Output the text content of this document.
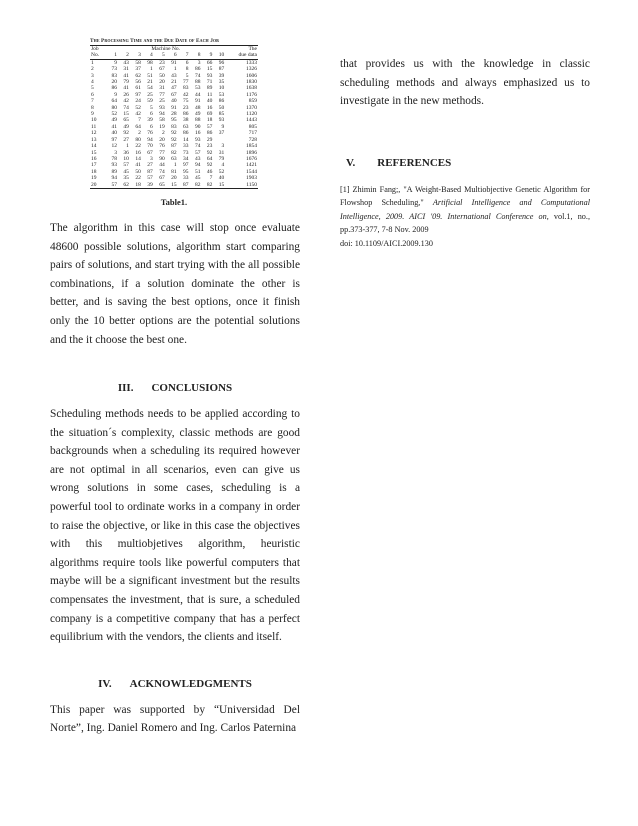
The Processing Time and the Due Date of Each Job
Job	Machine No.										The
No.	1	2	3	4	5	6	7	8	9	10	due data
1	9	43	58	98	23	91	6	3	66	96	1333
2	73	31	37	1	67	1	8	86	15	87	1326
3	83	41	62	51	50	43	5	74	93	39	1606
4	20	79	56	21	20	21	77	88	71	35	1830
5	86	41	61	54	31	47	83	53	89	10	1638
6	9	26	97	25	77	67	42	44	11	53	1176
7	64	42	24	59	25	40	75	91	40	86	859
8	80	74	52	5	93	91	23	48	16	50	1370
9	52	15	42	6	94	28	86	49	69	85	1120
10	49	65	7	39	58	95	38	88	18	93	1443
11	41	49	64	6	19	83	63	90	57	9	805
12	40	92	2	76	2	92	86	16	86	37	717
13	97	27	80	94	20	92	14	93	29		728
14	12	1	22	70	76	87	33	74	23	3	1854
15	3	36	16	67	77	82	73	57	92	31	1896
16	78	10	14	3	90	63	34	43	64	79	1676
17	93	57	41	27	44	1	97	94	92	4	1421
18	89	45	50	87	74	81	95	51	46	52	1544
19	94	35	22	57	67	20	33	45	7	40	1903
20	57	62	18	39	65	15	87	82	82	15	1150
Table1.

The algorithm in this case will stop once evaluate 48600 possible solutions, algorithm start comparing pairs of solutions, and start trying with the all possible combinations, if a solution dominate the other is better, and is saving the best options, once it finish only the 10 better options are the potential solutions and the it choose the best one.

III. CONCLUSIONS

Scheduling methods needs to be applied according to the situation´s complexity, classic methods are good backgrounds when a scheduling its required however are not optimal in all scenarios, even can give us wrong solutions in some cases, scheduling is a powerful tool to ordinate works in a company in order to raise the objective, or like in this case the objectives with this multiobjetives algorithm, heuristic algorithms require tools like powerful computers that maybe will be a significant investment but the results compensates the investment, that is sure, a scheduled company is a competitive company that has a perfect equilibrium with the vendors, the clients and itself.

IV. ACKNOWLEDGMENTS

This paper was supported by “Universidad Del Norte”, Ing. Daniel Romero and Ing. Carlos Paternina

that provides us with the knowledge in classic scheduling methods and always emphasized us to investigate in the new methods.

V. REFERENCES
[1] Zhimin Fang;, "A Weight-Based Multiobjective Genetic Algorithm for Flowshop Scheduling," Artificial Intelligence and Computational Intelligence, 2009. AICI '09. International Conference on, vol.1, no., pp.373-377, 7-8 Nov. 2009
doi: 10.1109/AICI.2009.130
